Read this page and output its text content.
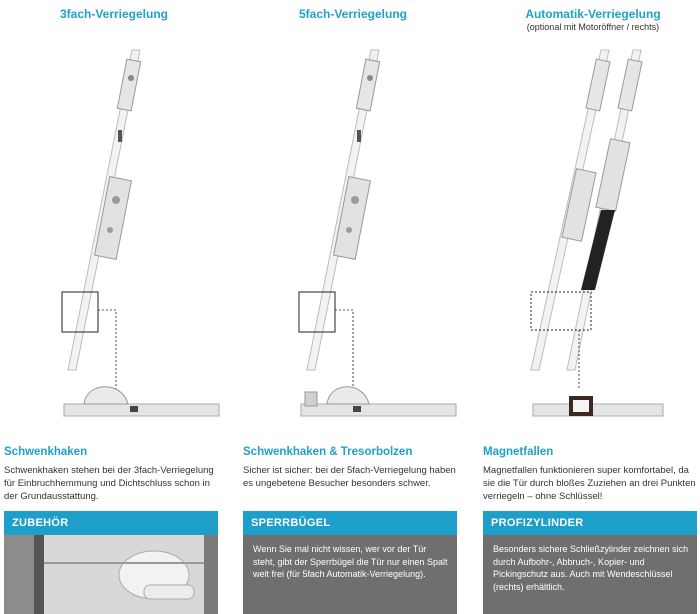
3fach-Verriegelung
Schwenkhaken
Schwenkhaken stehen bei der 3fach-Verriegelung für Einbruchhemmung und Dichtschluss schon in der Grundausstattung.
ZUBEHÖR
5fach-Verriegelung
Schwenkhaken & Tresorbolzen
Sicher ist sicher: bei der 5fach-Verriegelung haben es ungebetene Besucher besonders schwer.
SPERRBÜGEL
Wenn Sie mal nicht wissen, wer vor der Tür steht, gibt der Sperrbügel die Tür nur einen Spalt weit frei (für 5fach Automatik-Verriegelung).
Automatik-Verriegelung
(optional mit Motoröffner / rechts)
Magnetfallen
Magnetfallen funktionieren super komfortabel, da sie die Tür durch bloßes Zuziehen an drei Punkten verriegeln – ohne Schlüssel!
PROFIZYLINDER
Besonders sichere Schließzylinder zeichnen sich durch Aufbohr-, Abbruch-, Kopier- und Pickingschutz aus. Auch mit Wendeschlüssel (rechts) erhältlich.
